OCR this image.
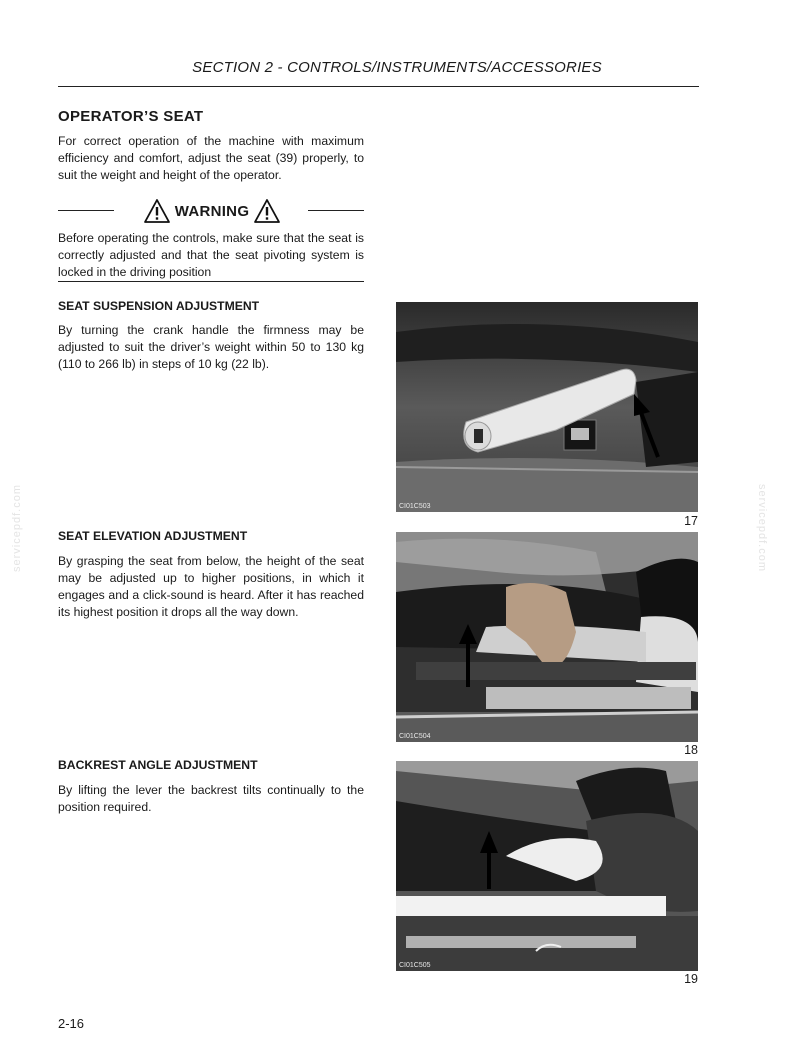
SECTION 2 - CONTROLS/INSTRUMENTS/ACCESSORIES
servicepdf.com	servicepdf.com
OPERATOR’S SEAT

For correct operation of the machine with maximum efficiency and comfort, adjust the seat (39) properly, to suit the weight and height of the operator.

WARNING

Before operating the controls, make sure that the seat is correctly adjusted and that the seat pivoting system is locked in the driving position

SEAT SUSPENSION ADJUSTMENT

By turning the crank handle the firmness may be adjusted to suit the driver’s weight within 50 to 130 kg (110 to 266 lb) in steps of 10 kg (22 lb).

SEAT ELEVATION ADJUSTMENT

By grasping the seat from below, the height of the seat may be adjusted up to higher positions, in which it engages and a click-sound is heard. After it has reached its highest position it drops all the way down.

BACKREST ANGLE ADJUSTMENT

By lifting the lever the backrest tilts continually to the position required.

CI01C503
17
CI01C504
18
CI01C505
19
2-16
